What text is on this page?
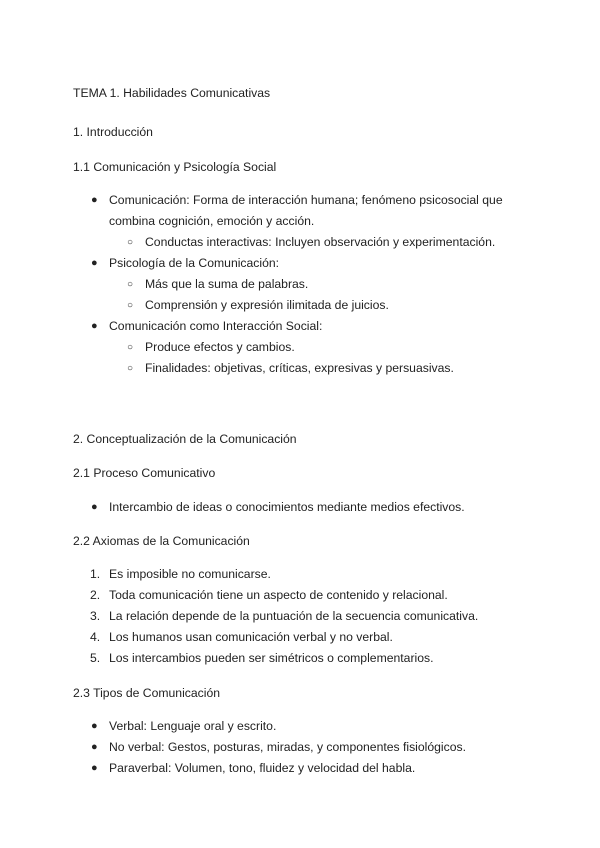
TEMA 1. Habilidades Comunicativas
1. Introducción
1.1 Comunicación y Psicología Social
● Comunicación: Forma de interacción humana; fenómeno psicosocial que
combina cognición, emoción y acción.
○ Conductas interactivas: Incluyen observación y experimentación.
● Psicología de la Comunicación:
○ Más que la suma de palabras.
○ Comprensión y expresión ilimitada de juicios.
● Comunicación como Interacción Social:
○ Produce efectos y cambios.
○ Finalidades: objetivas, críticas, expresivas y persuasivas.
2. Conceptualización de la Comunicación
2.1 Proceso Comunicativo
● Intercambio de ideas o conocimientos mediante medios efectivos.
2.2 Axiomas de la Comunicación
1. Es imposible no comunicarse.
2. Toda comunicación tiene un aspecto de contenido y relacional.
3. La relación depende de la puntuación de la secuencia comunicativa.
4. Los humanos usan comunicación verbal y no verbal.
5. Los intercambios pueden ser simétricos o complementarios.
2.3 Tipos de Comunicación
● Verbal: Lenguaje oral y escrito.
● No verbal: Gestos, posturas, miradas, y componentes fisiológicos.
● Paraverbal: Volumen, tono, fluidez y velocidad del habla.
